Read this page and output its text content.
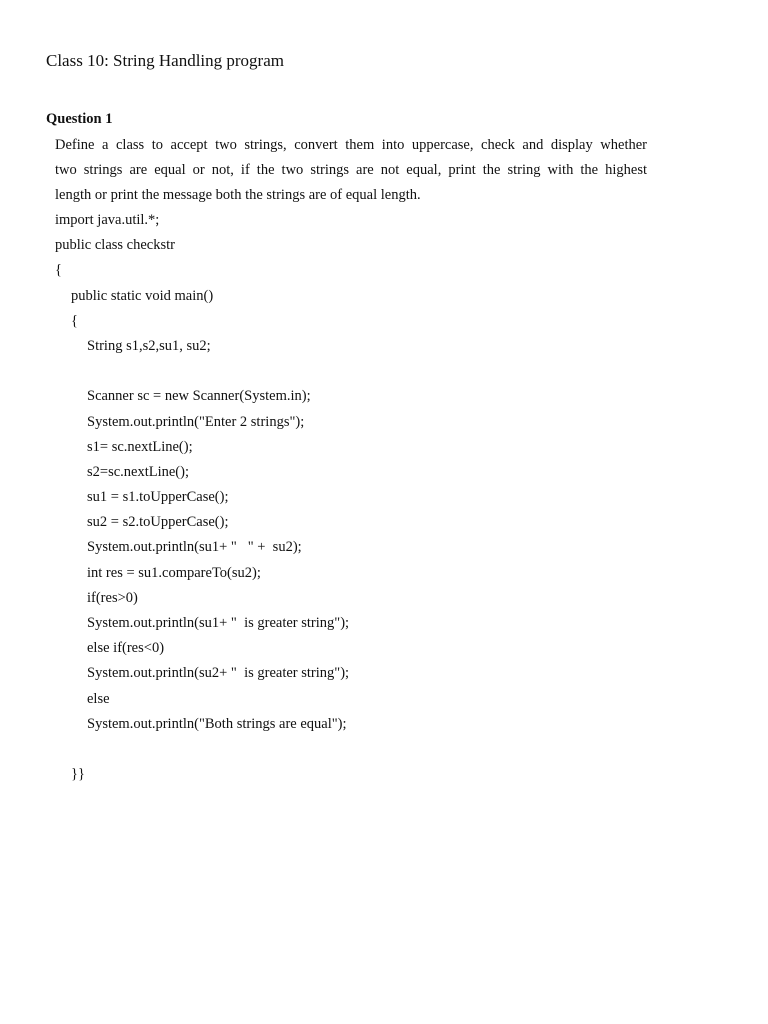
Class 10: String Handling program
Question 1
Define a class to accept two strings, convert them into uppercase, check and display whether
two strings are equal or not, if the two strings are not equal, print the string with the highest
length or print the message both the strings are of equal length.
import java.util.*;
public class checkstr
{
public static void main()
{
String s1,s2,su1, su2;
Scanner sc = new Scanner(System.in);
System.out.println("Enter 2 strings");
s1= sc.nextLine();
s2=sc.nextLine();
su1 = s1.toUpperCase();
su2 = s2.toUpperCase();
System.out.println(su1+ "   " +  su2);
int res = su1.compareTo(su2);
if(res>0)
System.out.println(su1+ "  is greater string");
else if(res<0)
System.out.println(su2+ "  is greater string");
else
System.out.println("Both strings are equal");
}}
